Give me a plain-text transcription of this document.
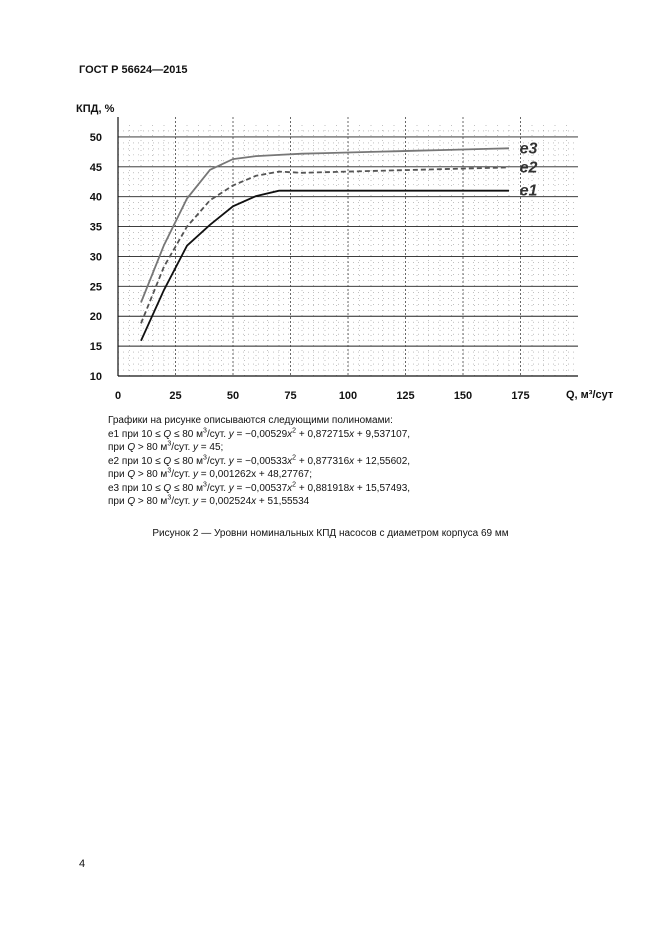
ГОСТ Р 56624—2015
10
15
20
25
30
35
40
45
50
0	25	50	75	100	125	150	175
e3
e2
e1
КПД, %
Q, м³/сут
Графики на рисунке описываются следующими полиномами:
е1 при 10 ≤ Q ≤ 80 $м^3$/сут. $y = -0,00529x^2 + 0,872715x + 9,537107$,
при Q > 80 $м^3$/сут. y = 45;
е2 при 10 ≤ Q ≤ 80 $м^3$/сут. $y = -0,00533x^2 + 0,877316x + 12,55602$,
при Q > 80 $м^3$/сут. y = 0,001262x + 48,27767;
е3 при 10 ≤ Q ≤ 80 $м^3$/сут. $y = -0,00537x^2 + 0,881918x + 15,57493$,
при Q > 80 $м^3$/сут. y = 0,002524x + 51,55534
Рисунок 2 — Уровни номинальных КПД насосов с диаметром корпуса 69 мм
4
